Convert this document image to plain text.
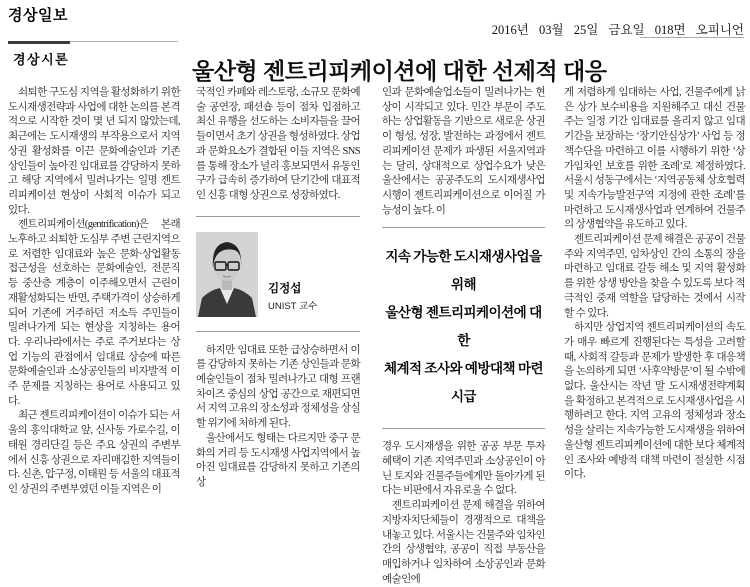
경상일보
2016년 03월 25일 금요일 018면 오피니언
경상시론	울산형 젠트리피케이션에 대한 선제적 대응

쇠퇴한 구도심 지역을 활성화하기 위한 도시재생전략과 사업에 대한 논의를 본격적으로 시작한 것이 몇 년 되지 않았는데, 최근에는 도시재생의 부작용으로서 지역 상권 활성화를 이끈 문화예술인과 기존 상인들이 높아진 임대료를 감당하지 못하고 해당 지역에서 밀려나가는 일명 젠트리피케이션 현상이 사회적 이슈가 되고 있다.

젠트리피케이션(gentrification)은 본래 노후하고 쇠퇴한 도심부 주변 근린지역으로 저렴한 임대료와 높은 문화·상업활동 접근성을 선호하는 문화예술인, 전문직 등 중산층 계층이 이주해오면서 근린이 재활성화되는 반면, 주택가격이 상승하게 되어 기존에 거주하던 저소득 주민들이 밀려나가게 되는 현상을 지칭하는 용어다. 우리나라에서는 주로 주거보다는 상업 기능의 관점에서 임대료 상승에 따른 문화예술인과 소상공인들의 비자발적 이주 문제를 지칭하는 용어로 사용되고 있다.

최근 젠트리피케이션이 이슈가 되는 서울의 홍익대학교 앞, 신사동 가로수길, 이태원 경리단길 등은 주요 상권의 주변부에서 신흥 상권으로 자리매김한 지역들이다. 신촌, 압구정, 이태원 등 서울의 대표적인 상권의 주변부였던 이들 지역은 이

국적인 카페와 레스토랑, 소규모 문화예술 공연장, 패션숍 등이 점차 입점하고 최신 유행을 선도하는 소비자들을 끌어들이면서 초기 상권을 형성하였다. 상업과 문화요소가 결합된 이들 지역은 SNS를 통해 장소가 널리 홍보되면서 유동인구가 급속히 증가하여 단기간에 대표적인 신흥 대형 상권으로 성장하였다.

김정섭
UNIST 교수

하지만 임대료 또한 급상승하면서 이를 감당하지 못하는 기존 상인들과 문화예술인들이 점차 밀려나가고 대형 프랜차이즈 중심의 상업 공간으로 재편되면서 지역 고유의 장소성과 정체성을 상실할 위기에 처하게 된다.

울산에서도 형태는 다르지만 중구 문화의 거리 등 도시재생 사업지역에서 높아진 임대료를 감당하지 못하고 기존의 상

인과 문화예술업소들이 밀려나가는 현상이 시작되고 있다. 민간 부문이 주도하는 상업활동을 기반으로 새로운 상권이 형성, 성장, 발전하는 과정에서 젠트리피케이션 문제가 파생된 서울지역과는 달리, 상대적으로 상업수요가 낮은 울산에서는 공공주도의 도시재생사업 시행이 젠트리피케이션으로 이어질 가능성이 높다. 이

지속 가능한 도시재생사업을 위해
울산형 젠트리피케이션에 대한
체계적 조사와 예방대책 마련 시급

경우 도시재생을 위한 공공 부문 투자 혜택이 기존 지역주민과 소상공인이 아닌 토지와 건물주들에게만 돌아가게 된다는 비판에서 자유로울 수 없다.

젠트리피케이션 문제 해결을 위하여 지방자치단체들이 경쟁적으로 대책을 내놓고 있다. 서울시는 건물주와 임차인 간의 상생협약, 공공이 직접 부동산을 매입하거나 임차하여 소상공인과 문화예술인에

게 저렴하게 임대하는 사업, 건물주에게 낡은 상가 보수비용을 지원해주고 대신 건물주는 일정 기간 임대료를 올리지 않고 임대기간을 보장하는 ‘장기안심상가’ 사업 등 정책수단을 마련하고 이를 시행하기 위한 ‘상가임차인 보호를 위한 조례’로 제정하였다. 서울시 성동구에서는 ‘지역공동체 상호협력 및 지속가능발전구역 지정에 관한 조례’를 마련하고 도시재생사업과 연계하여 건물주의 상생협약을 유도하고 있다.

젠트리피케이션 문제 해결은 공공이 건물주와 지역주민, 임차상인 간의 소통의 장을 마련하고 임대료 갈등 해소 및 지역 활성화를 위한 상생 방안을 찾을 수 있도록 보다 적극적인 중재 역할을 담당하는 것에서 시작할 수 있다.

하지만 상업지역 젠트리피케이션의 속도가 매우 빠르게 진행된다는 특성을 고려할 때, 사회적 갈등과 문제가 발생한 후 대응책을 논의하게 되면 ‘사후약방문’이 될 수밖에 없다. 울산시는 작년 말 도시재생전략계획을 확정하고 본격적으로 도시재생사업을 시행하려고 한다. 지역 고유의 정체성과 장소성을 살리는 지속가능한 도시재생을 위하여 울산형 젠트리피케이션에 대한 보다 체계적인 조사와 예방적 대책 마련이 절실한 시점이다.
